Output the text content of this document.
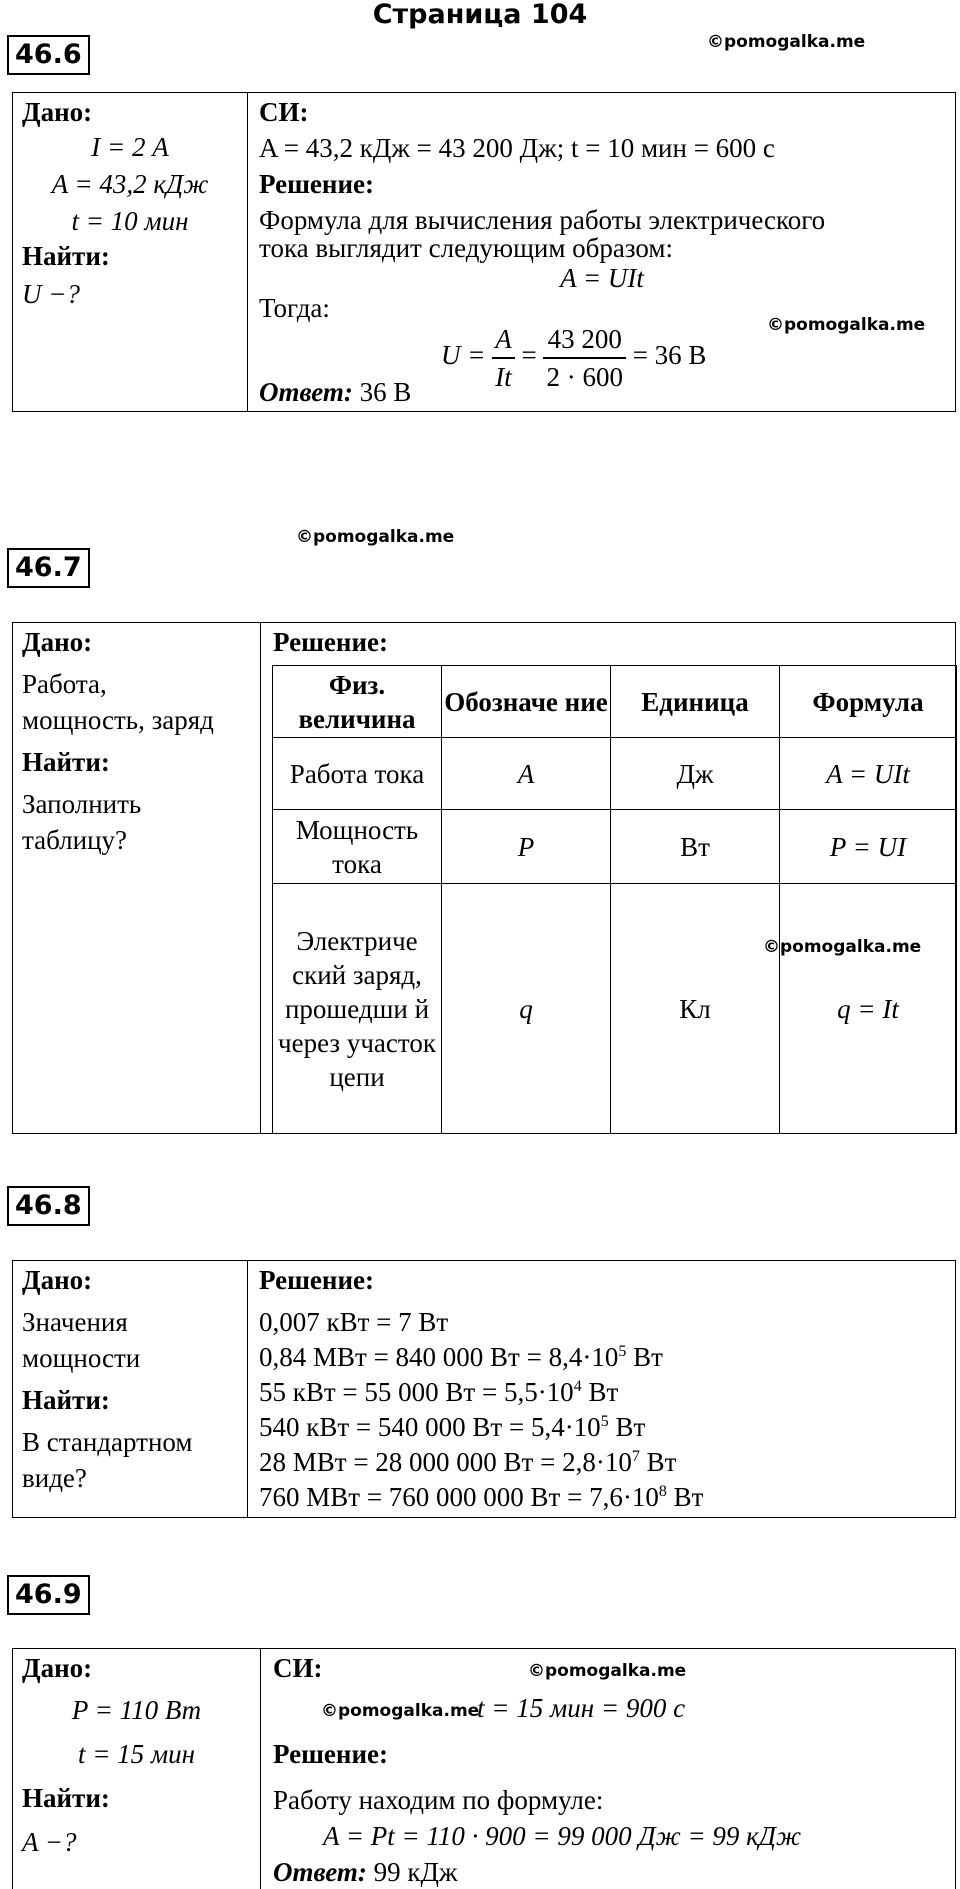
Страница 104
46.6	©pomogalka.me
Дано:
I = 2 А
A = 43,2 кДж
t = 10 мин
Найти:
U −?
СИ:
A = 43,2 кДж = 43 200 Дж; t = 10 мин = 600 с
Решение:
Формула для вычисления работы электрического
тока выглядит следующим образом:
A = UIt
Тогда:
$U = \frac{A}{It} = \frac{43 200}{2 \cdot 600} = 36$ В
©pomogalka.me
Ответ: 36 В
©pomogalka.me
46.7
Дано:
Работа,
мощность, заряд
Найти:
Заполнить
таблицу?
Решение:
Физ. величина	Обозначе ние	Единица	Формула
Работа тока	A	Дж	A = UIt
Мощность тока	P	Вт	P = UI
Электриче ский заряд, прошедши й через участок цепи	q	Кл	q = It
©pomogalka.me
46.8
Дано:
Значения
мощности
Найти:
В стандартном
виде?
Решение:
0,007 кВт = 7 Вт
0,84 МВт = 840 000 Вт = $8,4\cdot 10^5$ Вт
55 кВт = 55 000 Вт = $5,5\cdot 10^4$ Вт
540 кВт = 540 000 Вт = $5,4\cdot 10^5$ Вт
28 МВт = 28 000 000 Вт = $2,8\cdot 10^7$ Вт
760 МВт = 760 000 000 Вт = $7,6\cdot 10^8$ Вт
46.9
Дано:
P = 110 Вт
t = 15 мин
Найти:
A −?
СИ:	©pomogalka.me
©pomogalka.me
t = 15 мин = 900 с
Решение:
Работу находим по формуле:
A = Pt = 110 · 900 = 99 000 Дж = 99 кДж
Ответ: 99 кДж
